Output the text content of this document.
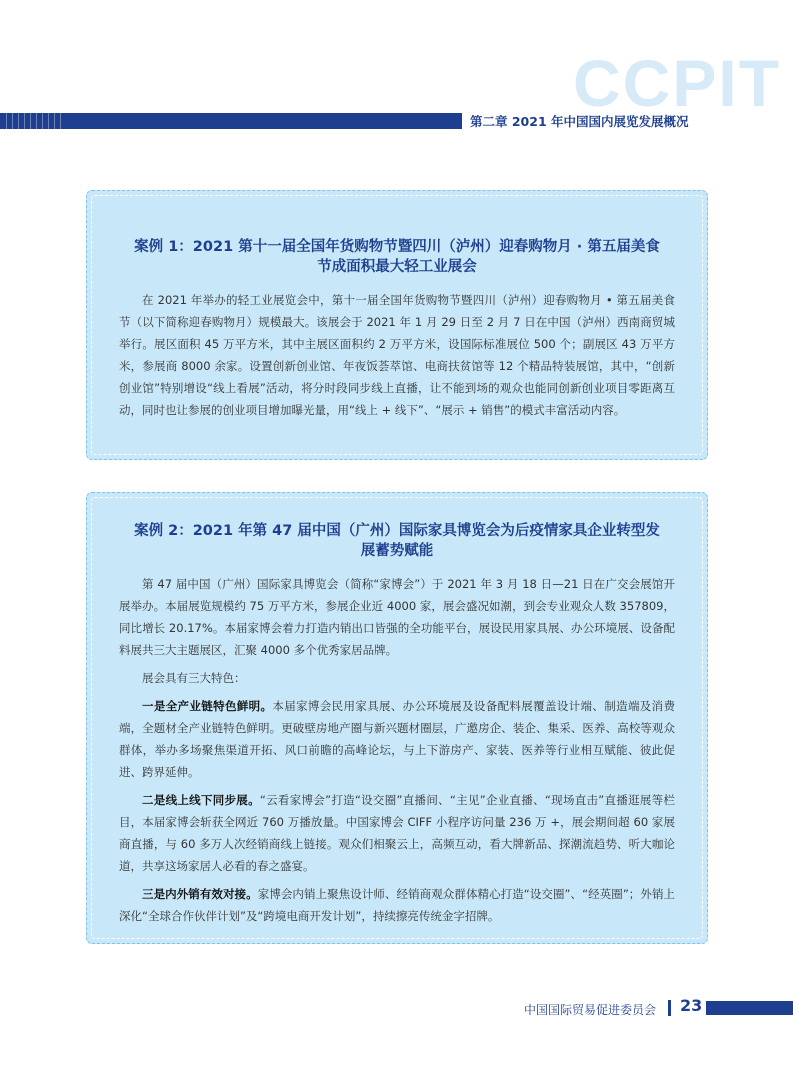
CCPIT
第二章 2021 年中国国内展览发展概况
案例 1：2021 第十一届全国年货购物节暨四川（泸州）迎春购物月 · 第五届美食
节成面积最大轻工业展会

在 2021 年举办的轻工业展览会中，第十一届全国年货购物节暨四川（泸州）迎春购物月 • 第五届美食节（以下简称迎春购物月）规模最大。该展会于 2021 年 1 月 29 日至 2 月 7 日在中国（泸州）西南商贸城举行。展区面积 45 万平方米，其中主展区面积约 2 万平方米，设国际标准展位 500 个；副展区 43 万平方米，参展商 8000 余家。设置创新创业馆、年夜饭荟萃馆、电商扶贫馆等 12 个精品特装展馆，其中，“创新创业馆”特别增设“线上看展”活动，将分时段同步线上直播，让不能到场的观众也能同创新创业项目零距离互动，同时也让参展的创业项目增加曝光量，用“线上 + 线下”、“展示 + 销售”的模式丰富活动内容。

案例 2：2021 年第 47 届中国（广州）国际家具博览会为后疫情家具企业转型发
展蓄势赋能

第 47 届中国（广州）国际家具博览会（简称“家博会”）于 2021 年 3 月 18 日—21 日在广交会展馆开展举办。本届展览规模约 75 万平方米，参展企业近 4000 家，展会盛况如潮，到会专业观众人数 357809，同比增长 20.17%。本届家博会着力打造内销出口皆强的全功能平台，展设民用家具展、办公环境展、设备配料展共三大主题展区，汇聚 4000 多个优秀家居品牌。

展会具有三大特色：

一是全产业链特色鲜明。本届家博会民用家具展、办公环境展及设备配料展覆盖设计端、制造端及消费端，全题材全产业链特色鲜明。更破壁房地产圈与新兴题材圈层，广邀房企、装企、集采、医养、高校等观众群体，举办多场聚焦渠道开拓、风口前瞻的高峰论坛，与上下游房产、家装、医养等行业相互赋能、彼此促进、跨界延伸。

二是线上线下同步展。“云看家博会”打造“设交圈”直播间、“主见”企业直播、“现场直击”直播逛展等栏目，本届家博会斩获全网近 760 万播放量。中国家博会 CIFF 小程序访问量 236 万 +，展会期间超 60 家展商直播，与 60 多万人次经销商线上链接。观众们相聚云上，高频互动，看大牌新品、探潮流趋势、听大咖论道，共享这场家居人必看的春之盛宴。

三是内外销有效对接。家博会内销上聚焦设计师、经销商观众群体精心打造“设交圈”、“经英圈”；外销上深化“全球合作伙伴计划”及“跨境电商开发计划”，持续擦亮传统金字招牌。

中国国际贸易促进委员会 23
